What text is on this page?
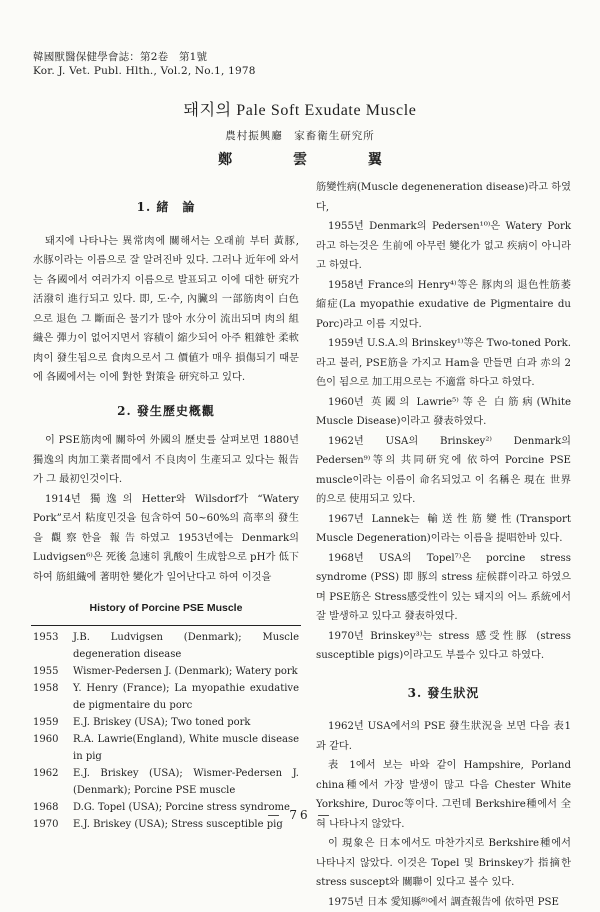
韓國獸醫保健學會誌：第2卷　第1號
Kor. J. Vet. Publ. Hlth., Vol.2, No.1, 1978
돼지의 Pale Soft Exudate Muscle
農村振興廳　家畜衛生研究所
鄭 雲 翼
1. 緒　論

돼지에 나타나는 異常肉에 關해서는 오래前 부터 黃豚, 水豚이라는 이름으로 잘 알려진바 있다. 그러나 近年에 와서는 各國에서 여러가지 이름으로 발표되고 이에 대한 研究가 活潑히 進行되고 있다. 即, 도·수, 內臟의 一部筋肉이 白色으로 退色 그 斷面은 물기가 많아 水分이 流出되며 肉의 組織은 彈力이 없어지면서 容積이 縮少되어 아주 粗雜한 柔軟肉이 發生됨으로 食肉으로서 그 價値가 매우 損傷되기 때문에 各國에서는 이에 對한 對策을 研究하고 있다.

2. 發生歷史槪觀

이 PSE筋肉에 關하여 外國의 歷史를 살펴보면 1880년 獨逸의 肉加工業者間에서 不良肉이 生產되고 있다는 報告가 그 最初인것이다.

1914년 獨逸의 Hetter와 Wilsdorf가 “Watery Pork”로서 粘度민것을 包含하여 50~60%의 高率의 發生을 觀察한을 報告하였고 1953년에는 Denmark의 Ludvigsen⁶⁾은 死後 急速히 乳酸이 生成함으로 pH가 低下하여 筋組織에 著明한 變化가 일어난다고 하여 이것을

History of Porcine PSE Muscle
1953	J.B. Ludvigsen (Denmark); Muscle degeneration disease
1955	Wismer-Pedersen J. (Denmark); Watery pork
1958	Y. Henry (France); La myopathie exudative de pigmentaire du porc
1959	E.J. Briskey (USA); Two toned pork
1960	R.A. Lawrie(England), White muscle disease in pig
1962	E.J. Briskey (USA); Wismer-Pedersen J. (Denmark); Porcine PSE muscle
1968	D.G. Topel (USA); Porcine stress syndrome
1970	E.J. Briskey (USA); Stress susceptible pig

筋變性病(Muscle degeneneration disease)라고 하였다,

1955년 Denmark의 Pedersen¹⁰⁾은 Watery Pork라고 하는것은 生前에 아무런 變化가 없고 疾病이 아니라고 하였다.

1958년 France의 Henry⁴⁾等은 豚肉의 退色性筋萎縮症(La myopathie exudative de Pigmentaire du Porc)라고 이름 지었다.

1959년 U.S.A.의 Brinskey¹⁾等은 Two-toned Pork.라고 불러, PSE筋을 가지고 Ham을 만들면 白과 赤의 2色이 됨으로 加工用으로는 不適當 하다고 하였다.

1960년 英國의 Lawrie⁵⁾等은 白筋病(White Muscle Disease)이라고 發表하였다.

1962년 USA의 Brinskey²⁾ Denmark의 Pedersen⁹⁾等의 共同研究에 依하여 Porcine PSE muscle이라는 이름이 命名되었고 이 名稱은 現在 世界的으로 使用되고 있다.

1967년 Lannek는 輸送性筋變性(Transport Muscle Degeneration)이라는 이름을 提唱한바 있다.

1968년 USA의 Topel⁷⁾은 porcine stress syndrome (PSS) 即 豚의 stress 症候群이라고 하였으며 PSE筋은 Stress感受性이 있는 돼지의 어느 系統에서 잘 발생하고 있다고 發表하였다.

1970년 Brinskey³⁾는 stress 感受性豚 (stress susceptible pigs)이라고도 부를수 있다고 하였다.

3. 發生狀況

1962년 USA에서의 PSE 發生狀況을 보면 다음 表1과 같다.

表 1에서 보는 바와 같이 Hampshire, Porland china種에서 가장 발생이 많고 다음 Chester White Yorkshire, Duroc等이다. 그런데 Berkshire種에서 全혀 나타나지 않았다.

이 現象은 日本에서도 마찬가지로 Berkshire種에서 나타나지 않았다. 이것은 Topel 및 Brinskey가 指摘한 stress suscept와 關聯이 있다고 볼수 있다.

1975년 日本 愛知縣⁸⁾에서 調査報告에 依하면 PSE

— 76 —
